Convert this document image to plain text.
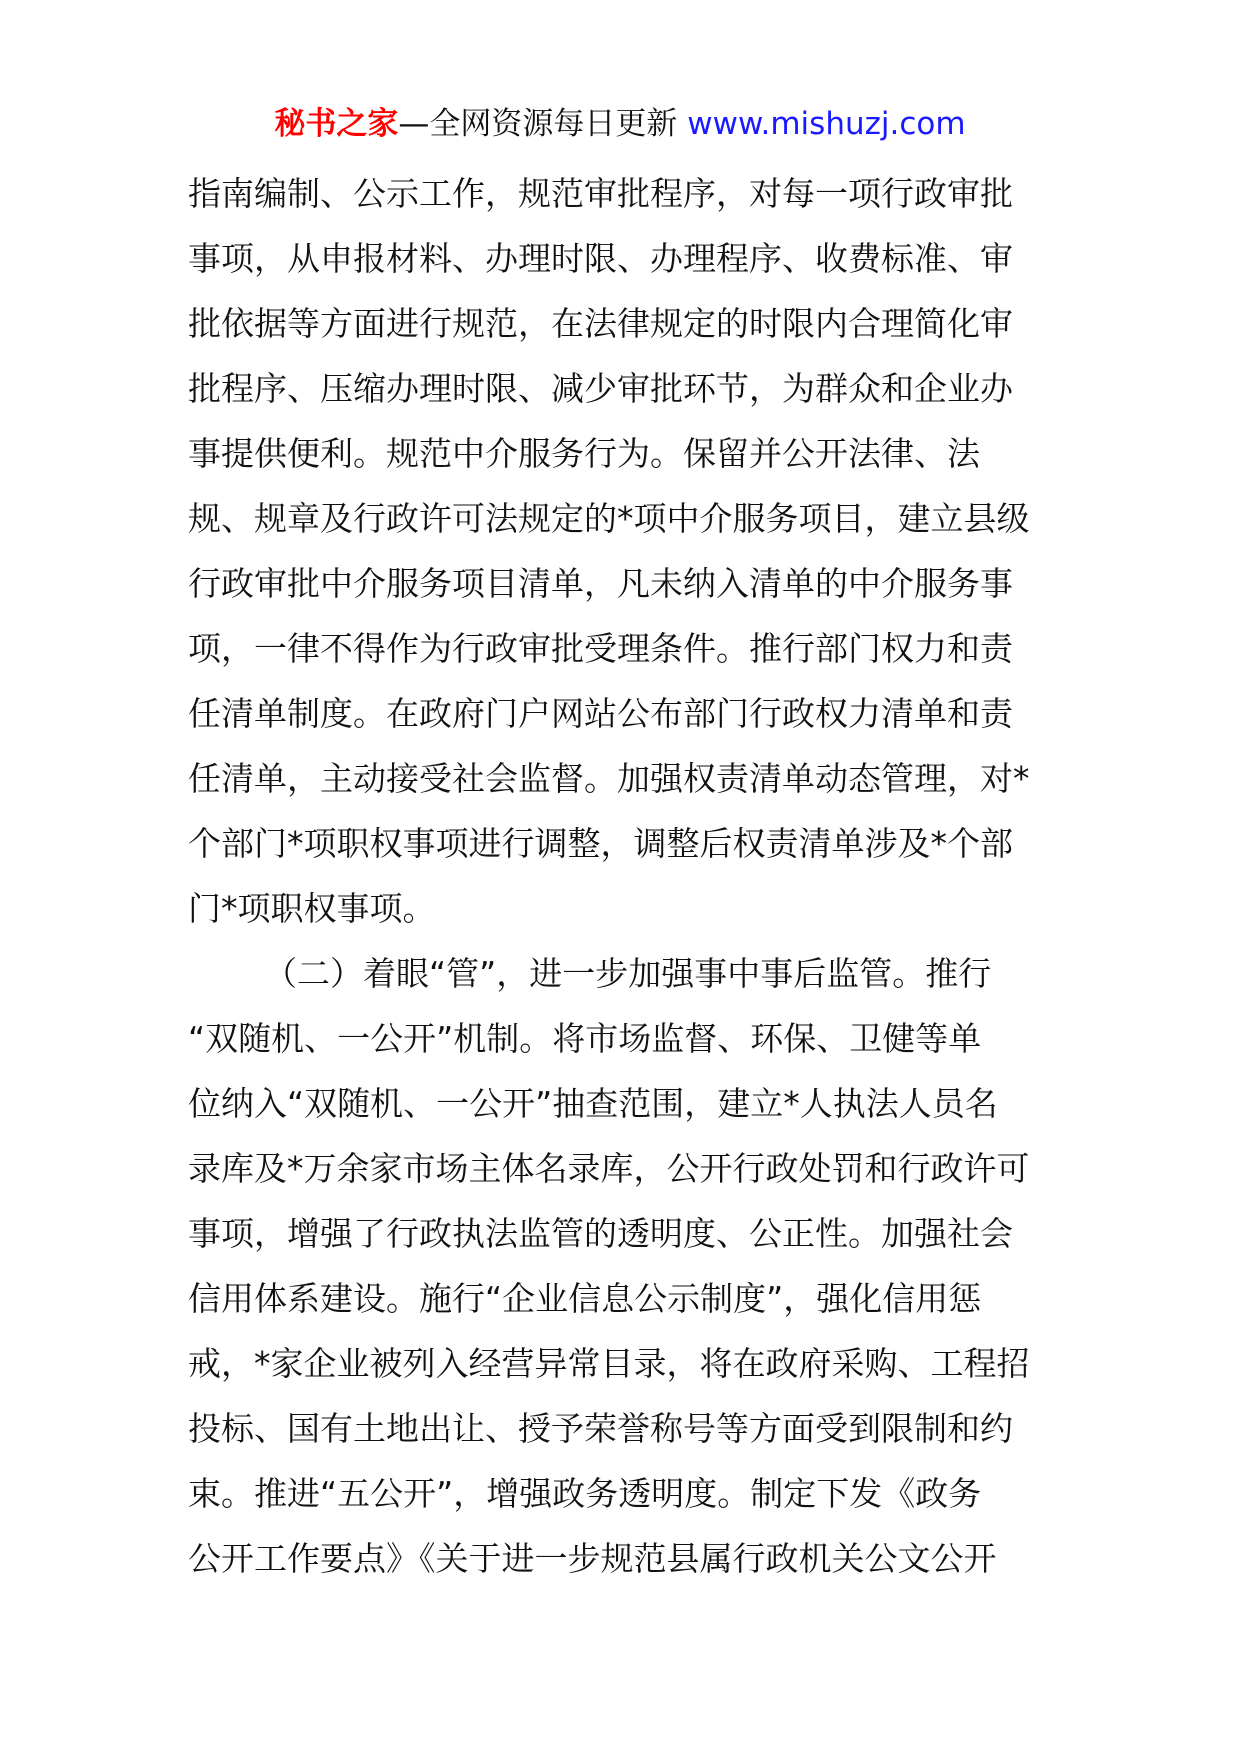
秘书之家—全网资源每日更新 www.mishuzj.com
指南编制、公示工作，规范审批程序，对每一项行政审批
事项，从申报材料、办理时限、办理程序、收费标准、审
批依据等方面进行规范，在法律规定的时限内合理简化审
批程序、压缩办理时限、减少审批环节，为群众和企业办
事提供便利。规范中介服务行为。保留并公开法律、法
规、规章及行政许可法规定的*项中介服务项目，建立县级
行政审批中介服务项目清单，凡未纳入清单的中介服务事
项，一律不得作为行政审批受理条件。推行部门权力和责
任清单制度。在政府门户网站公布部门行政权力清单和责
任清单，主动接受社会监督。加强权责清单动态管理，对*
个部门*项职权事项进行调整，调整后权责清单涉及*个部
门*项职权事项。
（二）着眼“管”，进一步加强事中事后监管。推行
“双随机、一公开”机制。将市场监督、环保、卫健等单
位纳入“双随机、一公开”抽查范围，建立*人执法人员名
录库及*万余家市场主体名录库，公开行政处罚和行政许可
事项，增强了行政执法监管的透明度、公正性。加强社会
信用体系建设。施行“企业信息公示制度”，强化信用惩
戒，*家企业被列入经营异常目录，将在政府采购、工程招
投标、国有土地出让、授予荣誉称号等方面受到限制和约
束。推进“五公开”，增强政务透明度。制定下发《政务
公开工作要点》《关于进一步规范县属行政机关公文公开
